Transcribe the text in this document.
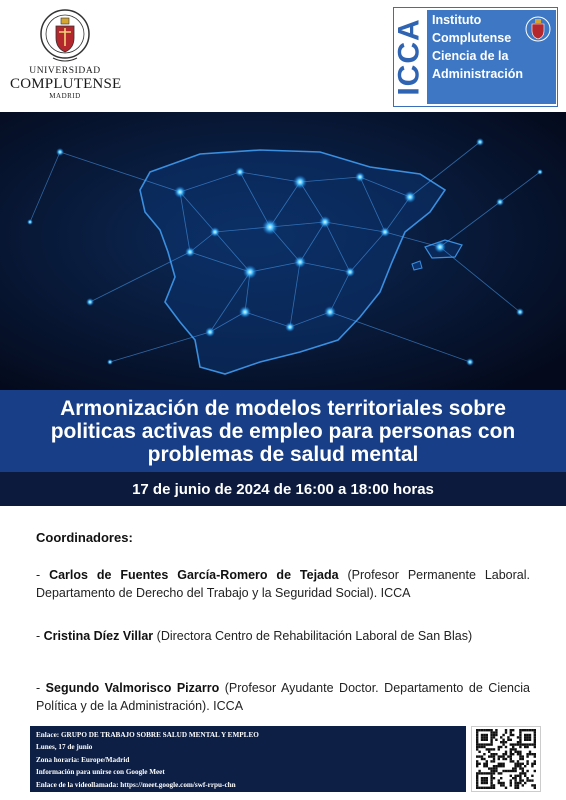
UNIVERSIDAD
COMPLUTENSE
MADRID
ICCA Instituto
Complutense
Ciencia de la
Administración
Armonización de modelos territoriales sobre politicas activas de empleo para personas con problemas de salud mental

17 de junio de 2024 de 16:00 a 18:00 horas

Coordinadores:

- Carlos de Fuentes García-Romero de Tejada (Profesor Permanente Laboral. Departamento de Derecho del Trabajo y la Seguridad Social). ICCA

- Cristina Díez Villar (Directora Centro de Rehabilitación Laboral de San Blas)

- Segundo Valmorisco Pizarro (Profesor Ayudante Doctor. Departamento de Ciencia Política y de la Administración). ICCA

Enlace: GRUPO DE TRABAJO SOBRE SALUD MENTAL Y EMPLEO

Lunes, 17 de junio

Zona horaria: Europe/Madrid

Información para unirse con Google Meet

Enlace de la videollamada: https://meet.google.com/swf-rrpu-chn
